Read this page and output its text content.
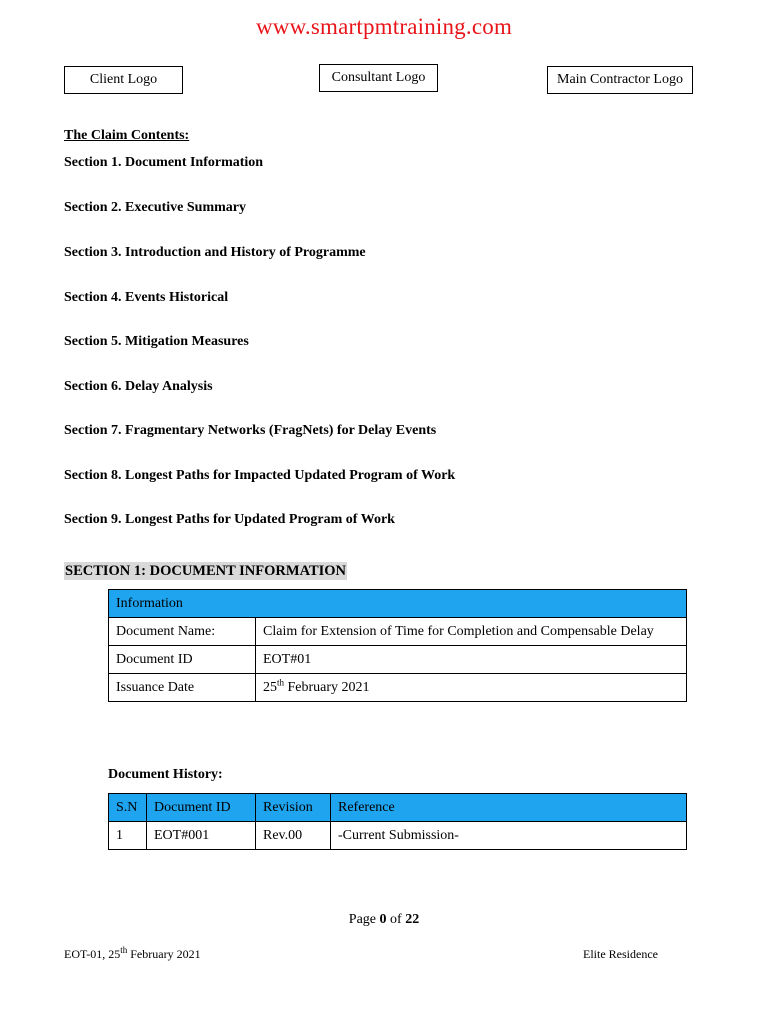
www.smartpmtraining.com
Client Logo	Consultant Logo	Main Contractor Logo
The Claim Contents:
Section 1. Document Information
Section 2. Executive Summary
Section 3. Introduction and History of Programme
Section 4. Events Historical
Section 5. Mitigation Measures
Section 6. Delay Analysis
Section 7. Fragmentary Networks (FragNets) for Delay Events
Section 8. Longest Paths for Impacted Updated Program of Work
Section 9. Longest Paths for Updated Program of Work
SECTION 1: DOCUMENT INFORMATION
Information	
Document Name:	Claim for Extension of Time for Completion and Compensable Delay
Document ID	EOT#01
Issuance Date	25th February 2021
Document History:
S.N	Document ID	Revision	Reference
1	EOT#001	Rev.00	-Current Submission-
Page 0 of 22
EOT-01, 25th February 2021	Elite Residence
